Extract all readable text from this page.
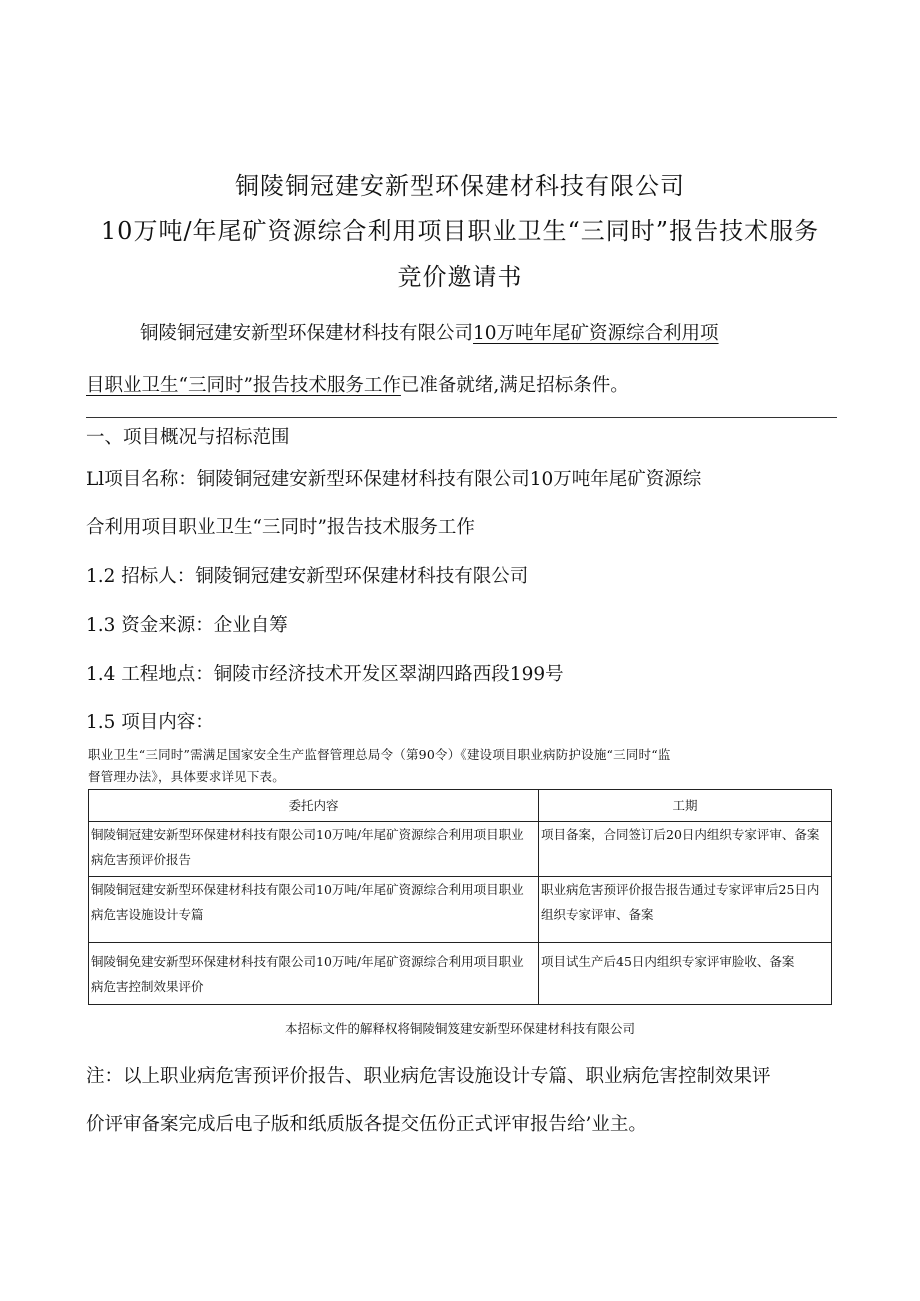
铜陵铜冠建安新型环保建材科技有限公司
10万吨/年尾矿资源综合利用项目职业卫生“三同时”报告技术服务
竞价邀请书
铜陵铜冠建安新型环保建材科技有限公司10万吨年尾矿资源综合利用项
目职业卫生“三同时”报告技术服务工作已准备就绪,满足招标条件。
一、项目概况与招标范围
Ll项目名称：铜陵铜冠建安新型环保建材科技有限公司10万吨年尾矿资源综
合利用项目职业卫生“三同时”报告技术服务工作
1.2 招标人：铜陵铜冠建安新型环保建材科技有限公司
1.3 资金来源：企业自筹
1.4 工程地点：铜陵市经济技术开发区翠湖四路西段199号
1.5 项目内容：
职业卫生“三同时”需满足国家安全生产监督管理总局令（第90令）《建设项目职业病防护设施“三同时“监
督管理办法》，具体要求详见下表。
委托内容	工期
铜陵铜冠建安新型环保建材科技有限公司10万吨/年尾矿资源综合利用项目职业病危害预评价报告	项目备案，合同签订后20日内组织专家评审、备案
铜陵铜冠建安新型环保建材科技有限公司10万吨/年尾矿资源综合利用项目职业病危害设施设计专篇	职业病危害预评价报告报告通过专家评审后25日内组织专家评审、备案
铜陵铜免建安新型环保建材科技有限公司10万吨/年尾矿资源综合利用项目职业病危害控制效果评价	项目试生产后45日内组织专家评审脸收、备案
本招标文件的解释权将铜陵铜笈建安新型环保建材科技有限公司
注：以上职业病危害预评价报告、职业病危害设施设计专篇、职业病危害控制效果评
价评审备案完成后电子版和纸质版各提交伍份正式评审报告给’业主。
